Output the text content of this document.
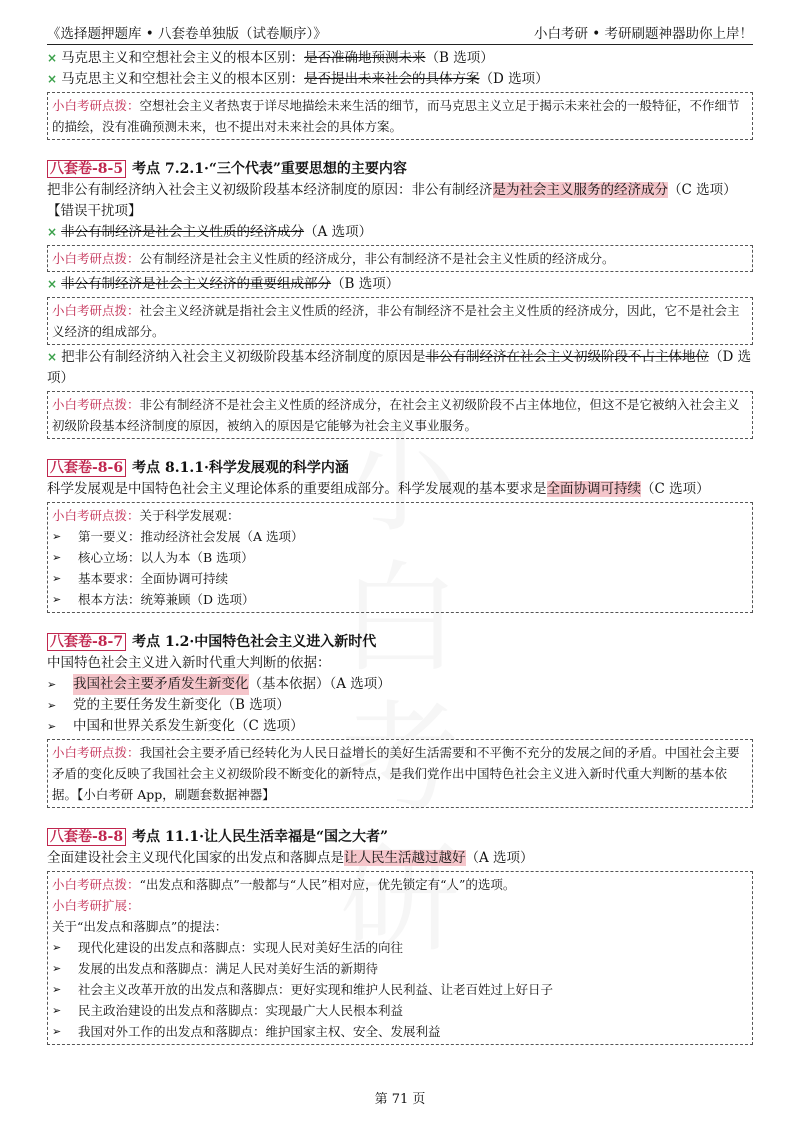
《选择题押题库 • 八套卷单独版（试卷顺序）》	小白考研 • 考研刷题神器助你上岸！
× 马克思主义和空想社会主义的根本区别：是否准确地预测未来（B 选项）
× 马克思主义和空想社会主义的根本区别：是否提出未来社会的具体方案（D 选项）
小白考研点拨：空想社会主义者热衷于详尽地描绘未来生活的细节，而马克思主义立足于揭示未来社会的一般特征，不作细节的描绘，没有准确预测未来，也不提出对未来社会的具体方案。
八套卷-8-5 考点 7.2.1·“三个代表”重要思想的主要内容
把非公有制经济纳入社会主义初级阶段基本经济制度的原因：非公有制经济是为社会主义服务的经济成分（C 选项）
【错误干扰项】
× 非公有制经济是社会主义性质的经济成分（A 选项）
小白考研点拨：公有制经济是社会主义性质的经济成分，非公有制经济不是社会主义性质的经济成分。
× 非公有制经济是社会主义经济的重要组成部分（B 选项）
小白考研点拨：社会主义经济就是指社会主义性质的经济，非公有制经济不是社会主义性质的经济成分，因此，它不是社会主义经济的组成部分。
× 把非公有制经济纳入社会主义初级阶段基本经济制度的原因是非公有制经济在社会主义初级阶段不占主体地位（D 选项）
小白考研点拨：非公有制经济不是社会主义性质的经济成分，在社会主义初级阶段不占主体地位，但这不是它被纳入社会主义初级阶段基本经济制度的原因，被纳入的原因是它能够为社会主义事业服务。
八套卷-8-6 考点 8.1.1·科学发展观的科学内涵
科学发展观是中国特色社会主义理论体系的重要组成部分。科学发展观的基本要求是全面协调可持续（C 选项）
小白考研点拨：关于科学发展观：
➢	第一要义：推动经济社会发展（A 选项）
➢	核心立场：以人为本（B 选项）
➢	基本要求：全面协调可持续
➢	根本方法：统筹兼顾（D 选项）
八套卷-8-7 考点 1.2·中国特色社会主义进入新时代
中国特色社会主义进入新时代重大判断的依据：
➢	我国社会主要矛盾发生新变化 （基本依据）（A 选项）
➢	党的主要任务发生新变化（B 选项）
➢	中国和世界关系发生新变化（C 选项）
小白考研点拨：我国社会主要矛盾已经转化为人民日益增长的美好生活需要和不平衡不充分的发展之间的矛盾。中国社会主要矛盾的变化反映了我国社会主义初级阶段不断变化的新特点，是我们党作出中国特色社会主义进入新时代重大判断的基本依据。【小白考研 App，刷题套数据神器】
八套卷-8-8 考点 11.1·让人民生活幸福是“国之大者”
全面建设社会主义现代化国家的出发点和落脚点是让人民生活越过越好（A 选项）
小白考研点拨：“出发点和落脚点”一般都与“人民”相对应，优先锁定有“人”的选项。
小白考研扩展：
关于“出发点和落脚点”的提法：
➢	现代化建设的出发点和落脚点：实现人民对美好生活的向往
➢	发展的出发点和落脚点：满足人民对美好生活的新期待
➢	社会主义改革开放的出发点和落脚点：更好实现和维护人民利益、让老百姓过上好日子
➢	民主政治建设的出发点和落脚点：实现最广大人民根本利益
➢	我国对外工作的出发点和落脚点：维护国家主权、安全、发展利益
第 71 页
